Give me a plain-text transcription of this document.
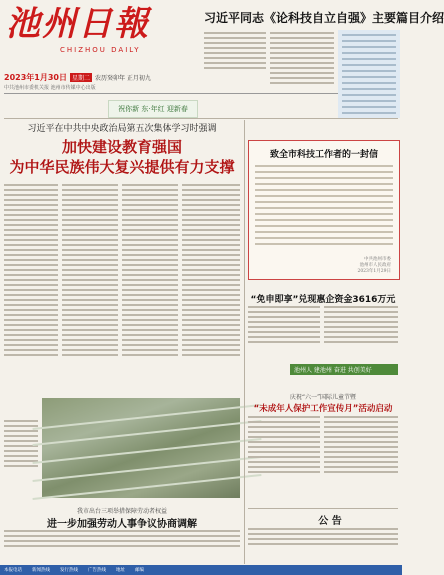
池州日報
CHIZHOU DAILY
2023年1月30日 星期二 农历癸卯年 正月初九
中共池州市委机关报 池州市传媒中心出版
习近平同志《论科技自立自强》主要篇目介绍
祝你新 东·年红 迎新春
习近平在中共中央政治局第五次集体学习时强调
加快建设教育强国
为中华民族伟大复兴提供有力支撑
我市出台三项举措保障劳动者权益
进一步加强劳动人事争议协商调解
致全市科技工作者的一封信
中共池州市委
池州市人民政府
2023年1月29日
“免申即享”兑现惠企资金3616万元
池州人 建池州 奋进 共创美好
庆祝“六一”国际儿童节暨
“未成年人保护工作宣传月”活动启动
公 告
本报电话 新闻热线 发行热线 广告热线 地址 邮编
